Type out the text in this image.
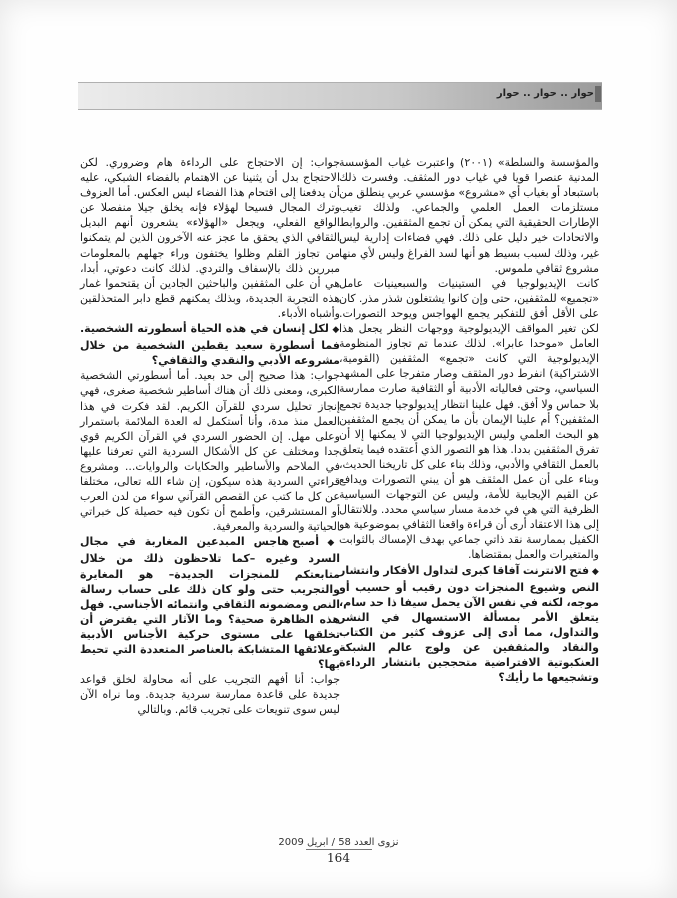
حوار .. حوار .. حوار

والمؤسسة والسلطة» (٢٠٠١) واعتبرت غياب المؤسسة المدنية عنصرا قويا في غياب دور المثقف. وفسرت ذلك باستبعاد أو بغياب أي «مشروع» مؤسسي عربي ينطلق من مستلزمات العمل العلمي والجماعي. ولذلك تغيب الإطارات الحقيقية التي يمكن أن تجمع المثقفين. والروابط والاتحادات خير دليل على ذلك. فهي فضاءات إدارية ليس غير، وذلك لسبب بسيط هو أنها لسد الفراغ وليس لأي منها مشروع ثقافي ملموس.

كانت الإيديولوجيا في الستينيات والسبعينيات عامل «تجميع» للمثقفين، حتى وإن كانوا يشتغلون شذر مذر. كان على الأقل أفق للتفكير يجمع الهواجس ويوحد التصورات. لكن تغير المواقف الإيديولوجية ووجهات النظر يجعل هذا العامل «موحدا عابرا». لذلك عندما تم تجاوز المنظومة الإيديولوجية التي كانت «تجمع» المثقفين (القومية، الاشتراكية) انفرط دور المثقف وصار متفرجا على المشهد السياسي، وحتى فعالياته الأدبية أو الثقافية صارت ممارسة بلا حماس ولا أفق. فهل علينا انتظار إيديولوجيا جديدة تجمع المثقفين؟ أم علينا الإيمان بأن ما يمكن أن يجمع المثقفين هو البحث العلمي وليس الإيديولوجيا التي لا يمكنها إلا أن تفرق المثقفين بددا. هذا هو التصور الذي أعتقده فيما يتعلق بالعمل الثقافي والأدبي، وذلك بناء على كل تاريخنا الحديث، وبناء على أن عمل المثقف هو أن يبني التصورات ويدافع عن القيم الإيجابية للأمة، وليس عن التوجهات السياسية الظرفية التي هي في خدمة مسار سياسي محدد. وللانتقال إلى هذا الاعتقاد أرى أن قراءة واقعنا الثقافي بموضوعية هو الكفيل بممارسة نقد ذاتي جماعي بهدف الإمساك بالثوابت والمتغيرات والعمل بمقتضاها.

◆ فتح الانترنت آفاقا كبرى لتداول الأفكار وانتشار النص وشيوع المنجزات دون رقيب أو حسيب أو موجه، لكنه في نفس الآن يحمل سيفا ذا حد سام، يتعلق الأمر بمسألة الاستسهال في النشر والتداول، مما أدى إلى عزوف كثير من الكتاب والنقاد والمثقفين عن ولوج عالم الشبكة العنكبوتية الافتراضية متحججين بانتشار الرداءة وتشجيعها ما رأيك؟

جواب: إن الاحتجاج على الرداءة هام وضروري. لكن الاحتجاج بدل أن يثنينا عن الاهتمام بالفضاء الشبكي، عليه أن يدفعنا إلى اقتحام هذا الفضاء ليس العكس. أما العزوف وترك المجال فسيحا لهؤلاء فإنه يخلق جيلا منفصلا عن الواقع الفعلي، ويجعل «الهؤلاء» يشعرون أنهم البديل الثقافي الذي يحقق ما عجز عنه الآخرون الذين لم يتمكنوا من تجاوز القلم وظلوا يختفون وراء جهلهم بالمعلومات مبررين ذلك بالإسفاف والتردي. لذلك كانت دعوتي، أبدا، هي أن على المثقفين والباحثين الجادين أن يقتحموا غمار هذه التجربة الجديدة، وبذلك يمكنهم قطع دابر المتحذلقين وأشباه الأدباء.

◆ لكل إنسان في هذه الحياة أسطورته الشخصية. فما أسطورة سعيد يقطين الشخصية من خلال مشروعه الأدبي والنقدي والثقافي؟

جواب: هذا صحيح إلى حد بعيد. أما أسطورتي الشخصية الكبرى، ومعنى ذلك أن هناك أساطير شخصية صغرى، فهي إنجاز تحليل سردي للقرآن الكريم. لقد فكرت في هذا العمل منذ مدة، وأنا أستكمل له العدة الملائمة باستمرار وعلى مهل. إن الحضور السردي في القرآن الكريم قوي جدا ومختلف عن كل الأشكال السردية التي تعرفنا عليها في الملاحم والأساطير والحكايات والروايات... ومشروع قراءتي السردية هذه سيكون، إن شاء الله تعالى، مختلفا عن كل ما كتب عن القصص القرآني سواء من لدن العرب أو المستشرقين، وأطمح أن تكون فيه حصيلة كل خبراتي الحياتية والسردية والمعرفية.

◆ أصبح هاجس المبدعين المغاربة في مجال السرد وغيره –كما تلاحظون ذلك من خلال متابعتكم للمنجزات الجديدة– هو المغايرة والتجريب حتى ولو كان ذلك على حساب رسالة النص ومضمونه الثقافي وانتمائه الأجناسي. فهل هذه الظاهرة صحية؟ وما الآثار التي يفترض أن تخلقها على مستوى حركية الأجناس الأدبية وعلائقها المتشابكة بالعناصر المتعددة التي تحيط بها؟

جواب: أنا أفهم التجريب على أنه محاولة لخلق قواعد جديدة على قاعدة ممارسة سردية جديدة. وما نراه الآن ليس سوى تنويعات على تجريب قائم. وبالتالي

نزوى العدد 58 / ابريل 2009
164
